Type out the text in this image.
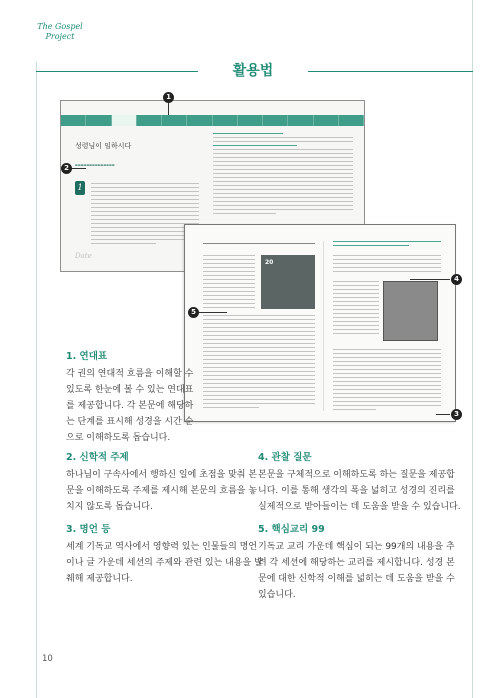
The Gospel
Project
활용법
성령님이 임하시다
▬▬▬▬▬▬▬▬▬▬▬▬▬▬
1
Date
20
1
2
3
4
5
1. 연대표
각 권의 연대적 흐름을 이해할 수
있도록 한눈에 볼 수 있는 연대표
를 제공합니다. 각 본문에 해당하
는 단계를 표시해 성경을 시간 순
으로 이해하도록 돕습니다.
2. 신학적 주제
하나님이 구속사에서 행하신 일에 초점을 맞춰 본
문을 이해하도록 주제를 제시해 본문의 흐름을 놓
치지 않도록 돕습니다.
3. 명언 등
세계 기독교 역사에서 영향력 있는 인물들의 명언
이나 글 가운데 세션의 주제와 관련 있는 내용을 발
췌해 제공합니다.
4. 관찰 질문
본문을 구체적으로 이해하도록 하는 질문을 제공합
니다. 이를 통해 생각의 폭을 넓히고 성경의 진리를
실제적으로 받아들이는 데 도움을 받을 수 있습니다.
5. 핵심교리 99
기독교 교리 가운데 핵심이 되는 99개의 내용을 추
려 각 세션에 해당하는 교리를 제시합니다. 성경 본
문에 대한 신학적 이해를 넓히는 데 도움을 받을 수
있습니다.
10
